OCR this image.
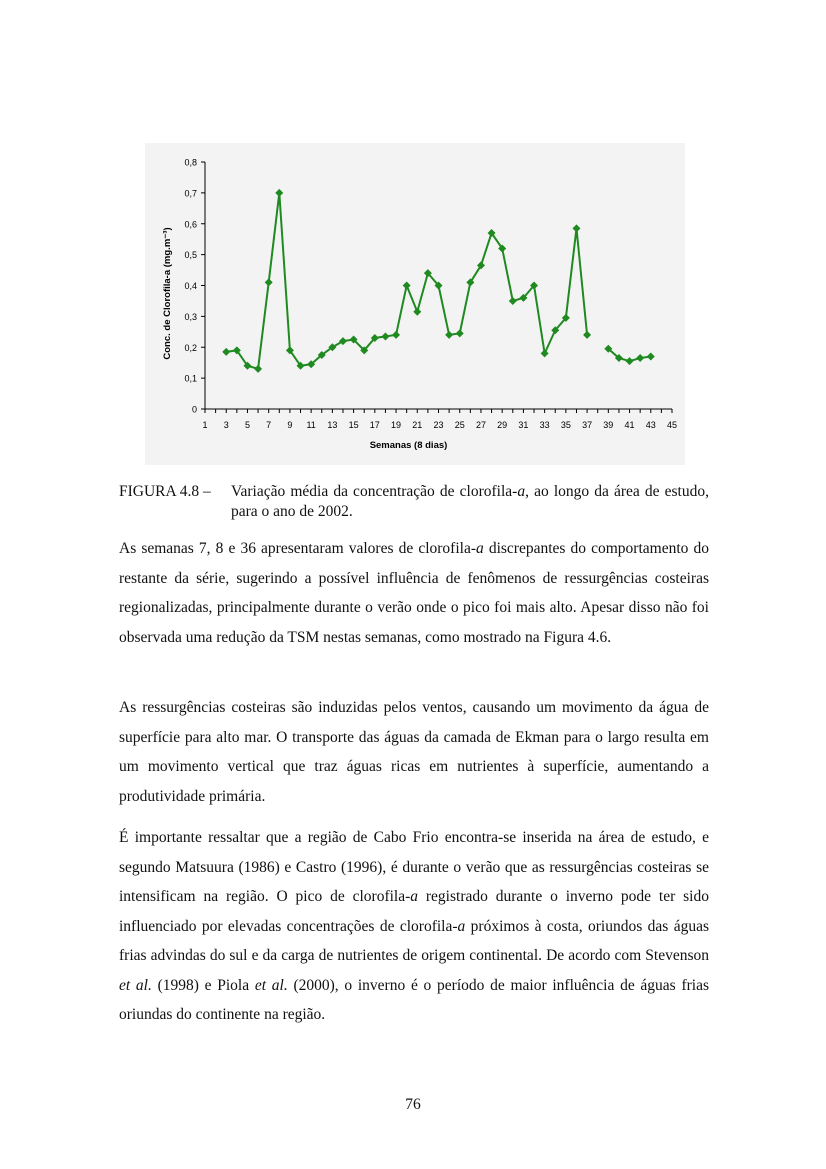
0
0,1
0,2
0,3
0,4
0,5
0,6
0,7
0,8
1 3 5 7 9 11 13 15 17 19 21 23 25 27 29 31 33 35 37 39 41 43 45
Semanas (8 dias)
Conc. de Clorofila-a (mg.m⁻³)
FIGURA 4.8 – Variação média da concentração de clorofila-a, ao longo da área de estudo, para o ano de 2002.
As semanas 7, 8 e 36 apresentaram valores de clorofila-a discrepantes do comportamento do restante da série, sugerindo a possível influência de fenômenos de ressurgências costeiras regionalizadas, principalmente durante o verão onde o pico foi mais alto. Apesar disso não foi observada uma redução da TSM nestas semanas, como mostrado na Figura 4.6.
As ressurgências costeiras são induzidas pelos ventos, causando um movimento da água de superfície para alto mar. O transporte das águas da camada de Ekman para o largo resulta em um movimento vertical que traz águas ricas em nutrientes à superfície, aumentando a produtividade primária.
É importante ressaltar que a região de Cabo Frio encontra-se inserida na área de estudo, e segundo Matsuura (1986) e Castro (1996), é durante o verão que as ressurgências costeiras se intensificam na região. O pico de clorofila-a registrado durante o inverno pode ter sido influenciado por elevadas concentrações de clorofila-a próximos à costa, oriundos das águas frias advindas do sul e da carga de nutrientes de origem continental. De acordo com Stevenson et al. (1998) e Piola et al. (2000), o inverno é o período de maior influência de águas frias oriundas do continente na região.
76
